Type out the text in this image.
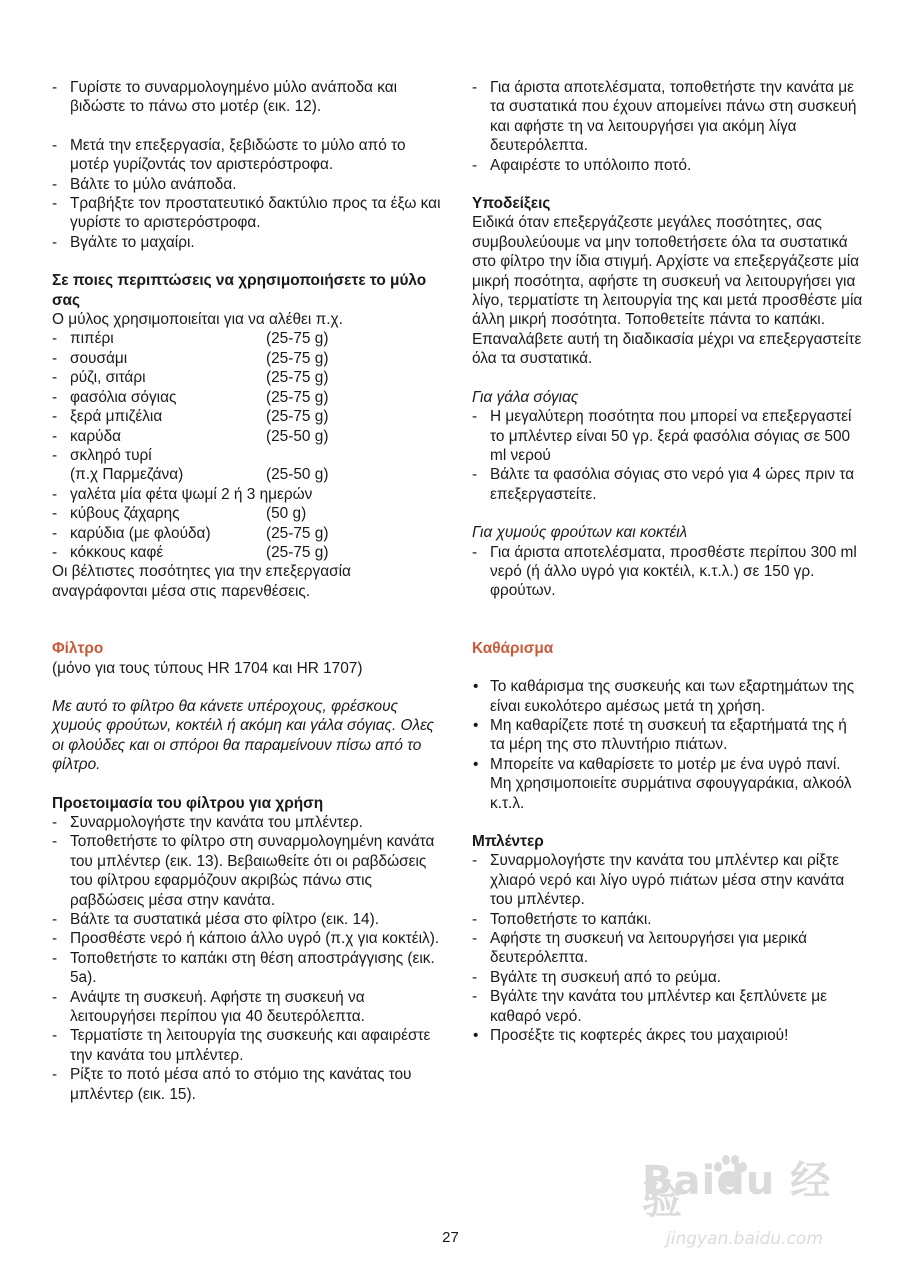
- Γυρίστε το συναρμολογημένο μύλο ανάποδα και βιδώστε το πάνω στο μοτέρ (εικ. 12).
- Μετά την επεξεργασία, ξεβιδώστε το μύλο από το μοτέρ γυρίζοντάς τον αριστερόστροφα.
- Βάλτε το μύλο ανάποδα.
- Τραβήξτε τον προστατευτικό δακτύλιο προς τα έξω και γυρίστε το αριστερόστροφα.
- Βγάλτε το μαχαίρι.
Σε ποιες περιπτώσεις να χρησιμοποιήσετε το μύλο σας
Ο μύλος χρησιμοποιείται για να αλέθει π.χ.
- πιπέρι	(25-75 g)
- σουσάμι	(25-75 g)
- ρύζι, σιτάρι	(25-75 g)
- φασόλια σόγιας	(25-75 g)
- ξερά μπιζέλια	(25-75 g)
- καρύδα	(25-50 g)
- σκληρό τυρί
(π.χ Παρμεζάνα)	(25-50 g)
- γαλέτα μία φέτα ψωμί 2 ή 3 ημερών
- κύβους ζάχαρης	(50 g)
- καρύδια (με φλούδα)	(25-75 g)
- κόκκους καφέ	(25-75 g)
Οι βέλτιστες ποσότητες για την επεξεργασία αναγράφονται μέσα στις παρενθέσεις.
Φίλτρο
(μόνο για τους τύπους HR 1704 και HR 1707)
Με αυτό το φίλτρο θα κάνετε υπέροχους, φρέσκους χυμούς φρούτων, κοκτέιλ ή ακόμη και γάλα σόγιας. Ολες οι φλούδες και οι σπόροι θα παραμείνουν πίσω από το φίλτρο.
Προετοιμασία του φίλτρου για χρήση
- Συναρμολογήστε την κανάτα του μπλέντερ.
- Τοποθετήστε το φίλτρο στη συναρμολογημένη κανάτα του μπλέντερ (εικ. 13). Βεβαιωθείτε ότι οι ραβδώσεις του φίλτρου εφαρμόζουν ακριβώς πάνω στις ραβδώσεις μέσα στην κανάτα.
- Βάλτε τα συστατικά μέσα στο φίλτρο (εικ. 14).
- Προσθέστε νερό ή κάποιο άλλο υγρό (π.χ για κοκτέιλ).
- Τοποθετήστε το καπάκι στη θέση αποστράγγισης (εικ. 5a).
- Ανάψτε τη συσκευή. Αφήστε τη συσκευή να λειτουργήσει περίπου για 40 δευτερόλεπτα.
- Τερματίστε τη λειτουργία της συσκευής και αφαιρέστε την κανάτα του μπλέντερ.
- Ρίξτε το ποτό μέσα από το στόμιο της κανάτας του μπλέντερ (εικ. 15).
- Για άριστα αποτελέσματα, τοποθετήστε την κανάτα με τα συστατικά που έχουν απομείνει πάνω στη συσκευή και αφήστε τη να λειτουργήσει για ακόμη λίγα δευτερόλεπτα.
- Αφαιρέστε το υπόλοιπο ποτό.
Υποδείξεις
Ειδικά όταν επεξεργάζεστε μεγάλες ποσότητες, σας συμβουλεύουμε να μην τοποθετήσετε όλα τα συστατικά στο φίλτρο την ίδια στιγμή. Αρχίστε να επεξεργάζεστε μία μικρή ποσότητα, αφήστε τη συσκευή να λειτουργήσει για λίγο, τερματίστε τη λειτουργία της και μετά προσθέστε μία άλλη μικρή ποσότητα. Τοποθετείτε πάντα το καπάκι. Επαναλάβετε αυτή τη διαδικασία μέχρι να επεξεργαστείτε όλα τα συστατικά.
Για γάλα σόγιας
- Η μεγαλύτερη ποσότητα που μπορεί να επεξεργαστεί το μπλέντερ είναι 50 γρ. ξερά φασόλια σόγιας σε 500 ml νερού
- Βάλτε τα φασόλια σόγιας στο νερό για 4 ώρες πριν τα επεξεργαστείτε.
Για χυμούς φρούτων και κοκτέιλ
- Για άριστα αποτελέσματα, προσθέστε περίπου 300 ml νερό (ή άλλο υγρό για κοκτέιλ, κ.τ.λ.) σε 150 γρ. φρούτων.
Καθάρισμα
• Το καθάρισμα της συσκευής και των εξαρτημάτων της είναι ευκολότερο αμέσως μετά τη χρήση.
• Μη καθαρίζετε ποτέ τη συσκευή τα εξαρτήματά της ή τα μέρη της στο πλυντήριο πιάτων.
• Μπορείτε να καθαρίσετε το μοτέρ με ένα υγρό πανί. Μη χρησιμοποιείτε συρμάτινα σφουγγαράκια, αλκοόλ κ.τ.λ.
Μπλέντερ
- Συναρμολογήστε την κανάτα του μπλέντερ και ρίξτε χλιαρό νερό και λίγο υγρό πιάτων μέσα στην κανάτα του μπλέντερ.
- Τοποθετήστε το καπάκι.
- Αφήστε τη συσκευή να λειτουργήσει για μερικά δευτερόλεπτα.
- Βγάλτε τη συσκευή από το ρεύμα.
- Βγάλτε την κανάτα του μπλέντερ και ξεπλύνετε με καθαρό νερό.
• Προσέξτε τις κοφτερές άκρες του μαχαιριού!
27
Baidu 经验
jingyan.baidu.com
